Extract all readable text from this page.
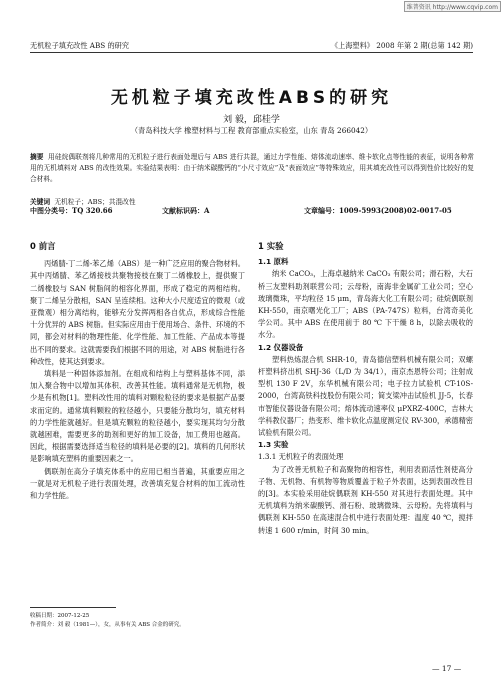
维普资讯 http://www.cqvip.com
无机粒子填充改性 ABS 的研究	《上海塑料》 2008 年第 2 期(总第 142 期)
无机粒子填充改性ABS的研究
刘 毅，邱桂学
（青岛科技大学 橡塑材料与工程 教育部重点实验室，山东 青岛 266042）
摘要 用硅烷偶联剂将几种常用的无机粒子进行表面处理后与 ABS 进行共混，通过力学性能、熔体流动速率、维卡软化点等性能的表征，说明各种常用的无机填料对 ABS 的改性效果。实验结果表明：由于纳米碳酸钙的“小尺寸效应”及“表面效应”等特殊效应，用其填充改性可以得到性价比较好的复合材料。
关键词 无机粒子；ABS；共混改性
中图分类号：TQ 320.66	文献标识码：A	文章编号：1009-5993(2008)02-0017-05
0 前言

丙烯腈-丁二烯-苯乙烯（ABS）是一种广泛应用的聚合物材料。其中丙烯腈、苯乙烯接枝共聚物接枝在聚丁二烯橡胶上，提供聚丁二烯橡胶与 SAN 树脂间的相容化界面，形成了稳定的两相结构。聚丁二烯呈分散相，SAN 呈连续相。这种大小尺度适宜的微观（或亚微观）相分离结构，能够充分发挥两相各自优点，形成综合性能十分优异的 ABS 树脂。但实际应用由于使用场合、条件、环境的不同，都会对材料的物理性能、化学性能、加工性能、产品成本等提出不同的要求。这就需要我们根据不同的用途，对 ABS 树脂进行各种改性，使其达到要求。

填料是一种固体添加剂。在组成和结构上与塑料基体不同，添加入聚合物中以增加其体积、改善其性能。填料通常是无机物，极少是有机物[1]。塑料改性用的填料对颗粒粒径的要求是根据产品要求而定的。通常填料颗粒的粒径越小，只要能分散均匀，填充材料的力学性能就越好。但是填充颗粒的粒径越小，要实现其均匀分散就越困难，需要更多的助剂和更好的加工设备，加工费用也越高。因此，根据需要选择适当粒径的填料是必要的[2]。填料的几何形状是影响填充塑料的重要因素之一。

偶联剂在高分子填充体系中的应用已相当普遍，其重要应用之一就是对无机粒子进行表面处理，改善填充复合材料的加工流动性和力学性能。

1 实验
1.1 原料

纳米 CaCO₃，上海卓越纳米 CaCO₃ 有限公司；滑石粉，大石桥三友塑料助剂联营公司；云母粉，南海非金属矿工业公司；空心玻璃微珠，平均粒径 15 μm，青岛海大化工有限公司；硅烷偶联剂 KH-550，南京曙光化工厂；ABS（PA-747S）粒料，台湾奇美化学公司。其中 ABS 在使用前于 80 ℃ 下干燥 8 h，以除去吸收的水分。

1.2 仪器设备

塑料热炼混合机 SHR-10，青岛德信塑料机械有限公司；双螺杆塑料挤出机 SHJ-36（L/D 为 34/1），南京杰恩特公司；注射成型机 130 F 2V，东华机械有限公司；电子拉力试验机 CT-10S-2000，台湾高铁科技股份有限公司；简支梁冲击试验机 JJ-5，长春市智能仪器设备有限公司；熔体流动速率仪 μPXRZ-400C，吉林大学科教仪器厂；热变形、维卡软化点温度测定仪 RV-300，承德精密试验机有限公司。

1.3 实验
1.3.1 无机粒子的表面处理

为了改善无机粒子和高聚物的相容性，利用表面活性剂使高分子物、无机物、有机物等物质覆盖于粒子外表面，达到表面改性目的[3]。本实验采用硅烷偶联剂 KH-550 对其进行表面处理。其中无机填料为纳米碳酸钙、滑石粉、玻璃微珠、云母粉。先将填料与偶联剂 KH-550 在高速混合机中进行表面处理：温度 40 ℃，搅拌转速 1 600 r/min，时间 30 min。

收稿日期：2007-12-25
作者简介：刘 毅（1981—），女，从事有关 ABS 合金的研究。
— 17 —
